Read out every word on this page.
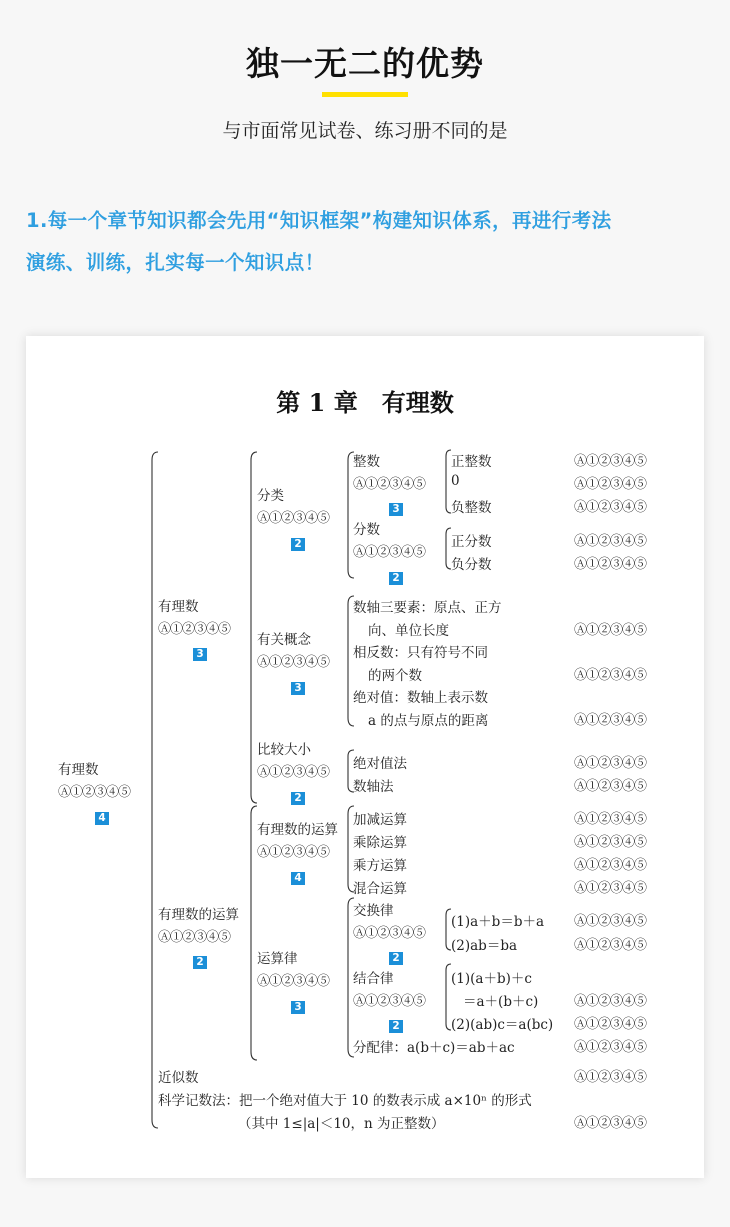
独一无二的优势
与市面常见试卷、练习册不同的是
1.每一个章节知识都会先用“知识框架”构建知识体系，再进行考法
演练、训练，扎实每一个知识点！
第 1 章　有理数
有理数
Ⓐ①②③④⑤
4
有理数
Ⓐ①②③④⑤
3
有理数的运算
Ⓐ①②③④⑤
2
近似数	Ⓐ①②③④⑤
科学记数法：把一个绝对值大于 10 的数表示成 a×10ⁿ 的形式
（其中 1≤|a|＜10，n 为正整数）	Ⓐ①②③④⑤
分类
Ⓐ①②③④⑤
2
有关概念
Ⓐ①②③④⑤
3
比较大小
Ⓐ①②③④⑤
2
有理数的运算
Ⓐ①②③④⑤
4
运算律
Ⓐ①②③④⑤
3
整数
Ⓐ①②③④⑤
3
正整数	Ⓐ①②③④⑤
0	Ⓐ①②③④⑤
负整数	Ⓐ①②③④⑤
分数
Ⓐ①②③④⑤
2
正分数	Ⓐ①②③④⑤
负分数	Ⓐ①②③④⑤
数轴三要素：原点、正方
向、单位长度	Ⓐ①②③④⑤
相反数：只有符号不同
的两个数	Ⓐ①②③④⑤
绝对值：数轴上表示数
a 的点与原点的距离	Ⓐ①②③④⑤
绝对值法	Ⓐ①②③④⑤
数轴法	Ⓐ①②③④⑤
加减运算	Ⓐ①②③④⑤
乘除运算	Ⓐ①②③④⑤
乘方运算	Ⓐ①②③④⑤
混合运算	Ⓐ①②③④⑤
交换律
Ⓐ①②③④⑤
2
(1)a＋b＝b＋a Ⓐ①②③④⑤
(2)ab＝ba	Ⓐ①②③④⑤
结合律
Ⓐ①②③④⑤
2
(1)(a＋b)＋c
＝a＋(b＋c)	Ⓐ①②③④⑤
(2)(ab)c＝a(bc) Ⓐ①②③④⑤
分配律：a(b＋c)＝ab＋ac	Ⓐ①②③④⑤
